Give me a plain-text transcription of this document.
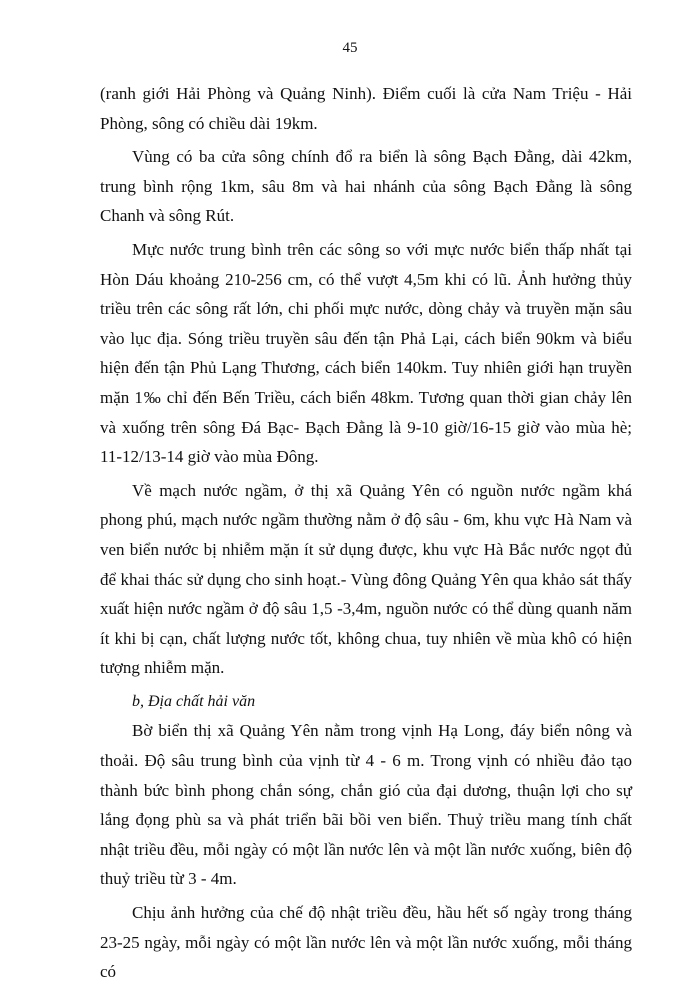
45

(ranh giới Hải Phòng và Quảng Ninh). Điểm cuối là cửa Nam Triệu - Hải Phòng, sông có chiều dài 19km.

Vùng có ba cửa sông chính đổ ra biển là sông Bạch Đằng, dài 42km, trung bình rộng 1km, sâu 8m và hai nhánh của sông Bạch Đằng là sông Chanh và sông Rút.

Mực nước trung bình trên các sông so với mực nước biển thấp nhất tại Hòn Dáu khoảng 210-256 cm, có thể vượt 4,5m khi có lũ. Ảnh hưởng thủy triều trên các sông rất lớn, chi phối mực nước, dòng chảy và truyền mặn sâu vào lục địa. Sóng triều truyền sâu đến tận Phả Lại, cách biển 90km và biểu hiện đến tận Phủ Lạng Thương, cách biển 140km. Tuy nhiên giới hạn truyền mặn 1‰ chỉ đến Bến Triều, cách biển 48km. Tương quan thời gian chảy lên và xuống trên sông Đá Bạc- Bạch Đằng là 9-10 giờ/16-15 giờ vào mùa hè; 11-12/13-14 giờ vào mùa Đông.

Về mạch nước ngầm, ở thị xã Quảng Yên có nguồn nước ngầm khá phong phú, mạch nước ngầm thường nằm ở độ sâu - 6m, khu vực Hà Nam và ven biển nước bị nhiễm mặn ít sử dụng được, khu vực Hà Bắc nước ngọt đủ để khai thác sử dụng cho sinh hoạt.- Vùng đông Quảng Yên qua khảo sát thấy xuất hiện nước ngầm ở độ sâu 1,5 -3,4m, nguồn nước có thể dùng quanh năm ít khi bị cạn, chất lượng nước tốt, không chua, tuy nhiên về mùa khô có hiện tượng nhiễm mặn.

b, Địa chất hải văn

Bờ biển thị xã Quảng Yên nằm trong vịnh Hạ Long, đáy biển nông và thoải. Độ sâu trung bình của vịnh từ 4 - 6 m. Trong vịnh có nhiều đảo tạo thành bức bình phong chắn sóng, chắn gió của đại dương, thuận lợi cho sự lắng đọng phù sa và phát triển bãi bồi ven biển. Thuỷ triều mang tính chất nhật triều đều, mỗi ngày có một lần nước lên và một lần nước xuống, biên độ thuỷ triều từ 3 - 4m.

Chịu ảnh hưởng của chế độ nhật triều đều, hầu hết số ngày trong tháng 23-25 ngày, mỗi ngày có một lần nước lên và một lần nước xuống, mỗi tháng có
